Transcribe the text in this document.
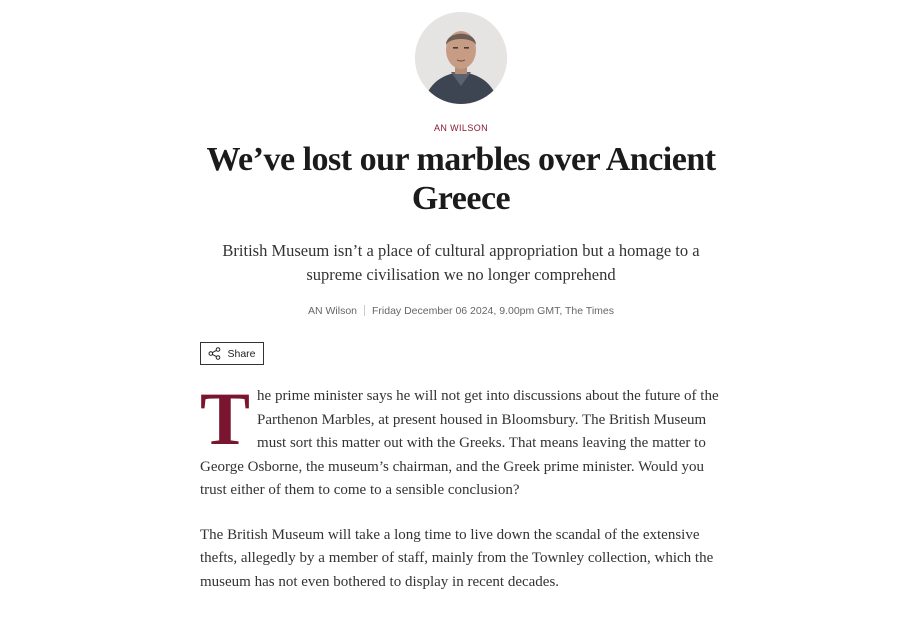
AN WILSON
We’ve lost our marbles over Ancient Greece

British Museum isn’t a place of cultural appropriation but a homage to a supreme civilisation we no longer comprehend

AN Wilson Friday December 06 2024, 9.00pm GMT, The Times
Share

The prime minister says he will not get into discussions about the future of the Parthenon Marbles, at present housed in Bloomsbury. The British Museum must sort this matter out with the Greeks. That means leaving the matter to George Osborne, the museum’s chairman, and the Greek prime minister. Would you trust either of them to come to a sensible conclusion?

The British Museum will take a long time to live down the scandal of the extensive thefts, allegedly by a member of staff, mainly from the Townley collection, which the museum has not even bothered to display in recent decades.
